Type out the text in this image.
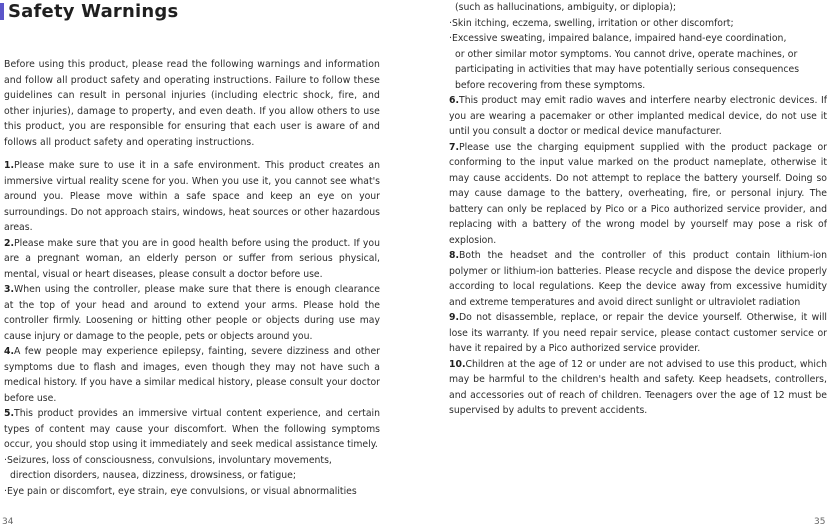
Safety Warnings

Before using this product, please read the following warnings and information and follow all product safety and operating instructions. Failure to follow these guidelines can result in personal injuries (including electric shock, fire, and other injuries), damage to property, and even death. If you allow others to use this product, you are responsible for ensuring that each user is aware of and follows all product safety and operating instructions.

1.Please make sure to use it in a safe environment. This product creates an immersive virtual reality scene for you. When you use it, you cannot see what's around you. Please move within a safe space and keep an eye on your surroundings. Do not approach stairs, windows, heat sources or other hazardous areas.

2.Please make sure that you are in good health before using the product. If you are a pregnant woman, an elderly person or suffer from serious physical, mental, visual or heart diseases, please consult a doctor before use.

3.When using the controller, please make sure that there is enough clearance at the top of your head and around to extend your arms. Please hold the controller firmly. Loosening or hitting other people or objects during use may cause injury or damage to the people, pets or objects around you.

4.A few people may experience epilepsy, fainting, severe dizziness and other symptoms due to flash and images, even though they may not have such a medical history. If you have a similar medical history, please consult your doctor before use.

5.This product provides an immersive virtual content experience, and certain types of content may cause your discomfort. When the following symptoms occur, you should stop using it immediately and seek medical assistance timely.

·Seizures, loss of consciousness, convulsions, involuntary movements,

direction disorders, nausea, dizziness, drowsiness, or fatigue;

·Eye pain or discomfort, eye strain, eye convulsions, or visual abnormalities

(such as hallucinations, ambiguity, or diplopia);

·Skin itching, eczema, swelling, irritation or other discomfort;

·Excessive sweating, impaired balance, impaired hand-eye coordination,

or other similar motor symptoms. You cannot drive, operate machines, or

participating in activities that may have potentially serious consequences

before recovering from these symptoms.

6.This product may emit radio waves and interfere nearby electronic devices. If you are wearing a pacemaker or other implanted medical device, do not use it until you consult a doctor or medical device manufacturer.

7.Please use the charging equipment supplied with the product package or conforming to the input value marked on the product nameplate, otherwise it may cause accidents. Do not attempt to replace the battery yourself. Doing so may cause damage to the battery, overheating, fire, or personal injury. The battery can only be replaced by Pico or a Pico authorized service provider, and replacing with a battery of the wrong model by yourself may pose a risk of explosion.

8.Both the headset and the controller of this product contain lithium-ion polymer or lithium-ion batteries. Please recycle and dispose the device properly according to local regulations. Keep the device away from excessive humidity and extreme temperatures and avoid direct sunlight or ultraviolet radiation

9.Do not disassemble, replace, or repair the device yourself. Otherwise, it will lose its warranty. If you need repair service, please contact customer service or have it repaired by a Pico authorized service provider.

10.Children at the age of 12 or under are not advised to use this product, which may be harmful to the children's health and safety. Keep headsets, controllers, and accessories out of reach of children. Teenagers over the age of 12 must be supervised by adults to prevent accidents.

34	35
